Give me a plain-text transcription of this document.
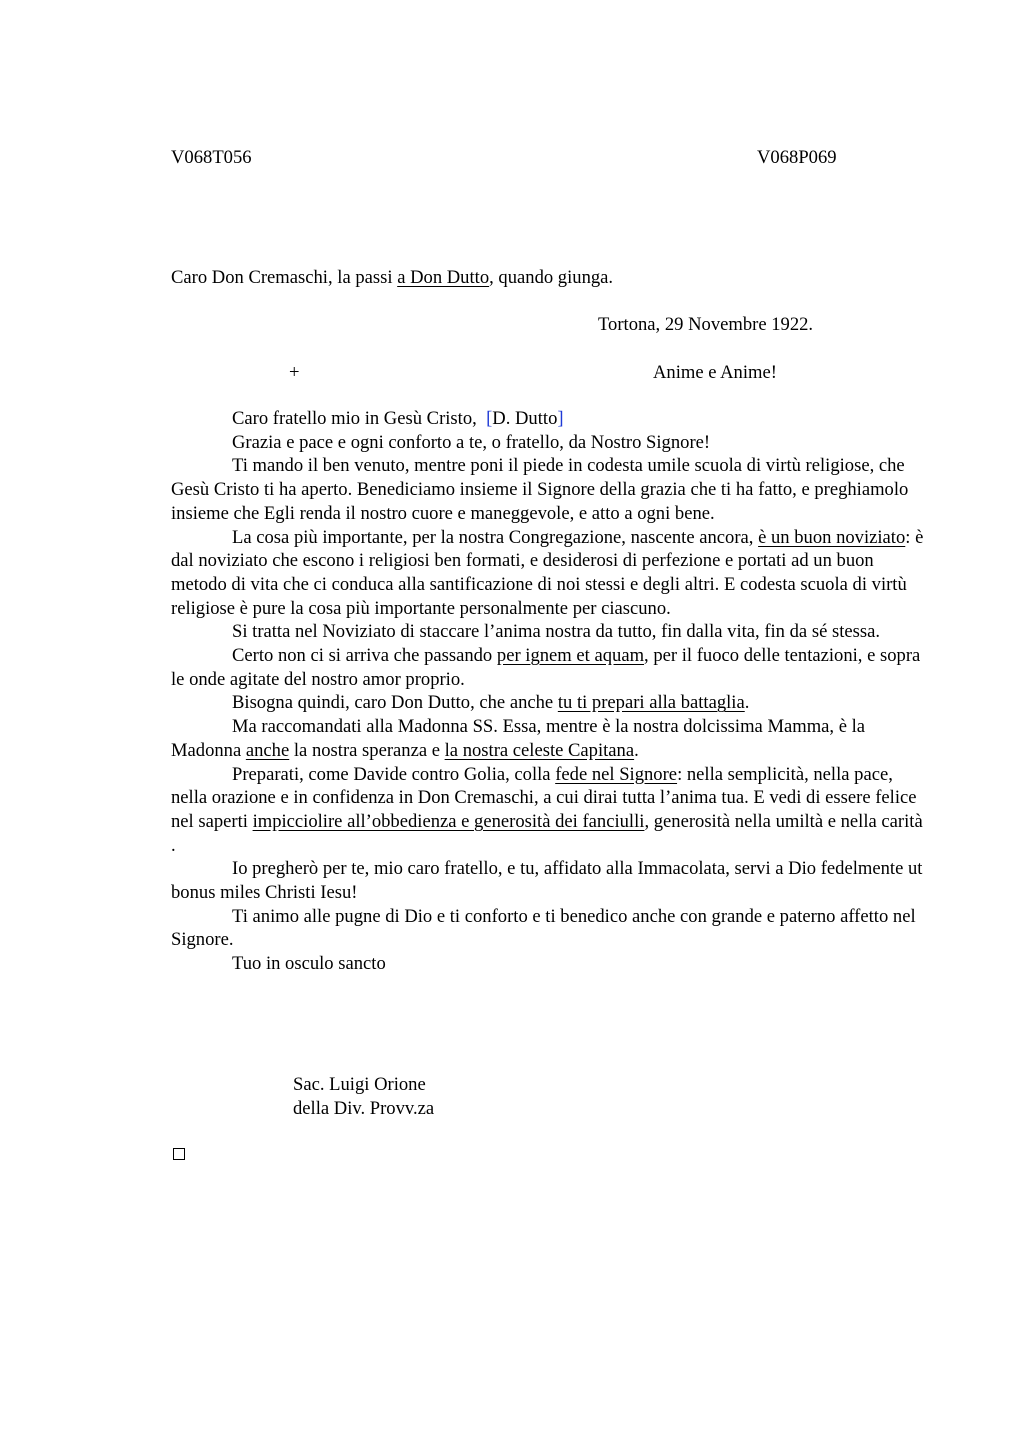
V068T056	V068P069
Caro Don Cremaschi, la passi a Don Dutto, quando giunga.
Tortona, 29 Novembre 1922.
+	Anime e Anime!

Caro fratello mio in Gesù Cristo, [D. Dutto]

Grazia e pace e ogni conforto a te, o fratello, da Nostro Signore!

Ti mando il ben venuto, mentre poni il piede in codesta umile scuola di virtù religiose, che Gesù Cristo ti ha aperto. Benediciamo insieme il Signore della grazia che ti ha fatto, e preghiamolo insieme che Egli renda il nostro cuore e maneggevole, e atto a ogni bene.

La cosa più importante, per la nostra Congregazione, nascente ancora, è un buon noviziato: è dal noviziato che escono i religiosi ben formati, e desiderosi di perfezione e portati ad un buon metodo di vita che ci conduca alla santificazione di noi stessi e degli altri. E codesta scuola di virtù religiose è pure la cosa più importante personalmente per ciascuno.

Si tratta nel Noviziato di staccare l’anima nostra da tutto, fin dalla vita, fin da sé stessa.

Certo non ci si arriva che passando per ignem et aquam, per il fuoco delle tentazioni, e sopra le onde agitate del nostro amor proprio.

Bisogna quindi, caro Don Dutto, che anche tu ti prepari alla battaglia.

Ma raccomandati alla Madonna SS. Essa, mentre è la nostra dolcissima Mamma, è la Madonna anche la nostra speranza e la nostra celeste Capitana.

Preparati, come Davide contro Golia, colla fede nel Signore: nella semplicità, nella pace, nella orazione e in confidenza in Don Cremaschi, a cui dirai tutta l’anima tua. E vedi di essere felice nel saperti impicciolire all’obbedienza e generosità dei fanciulli, generosità nella umiltà e nella carità .

Io pregherò per te, mio caro fratello, e tu, affidato alla Immacolata, servi a Dio fedelmente ut bonus miles Christi Iesu!

Ti animo alle pugne di Dio e ti conforto e ti benedico anche con grande e paterno affetto nel Signore.

Tuo in osculo sancto

Sac. Luigi Orione
della Div. Provv.za
